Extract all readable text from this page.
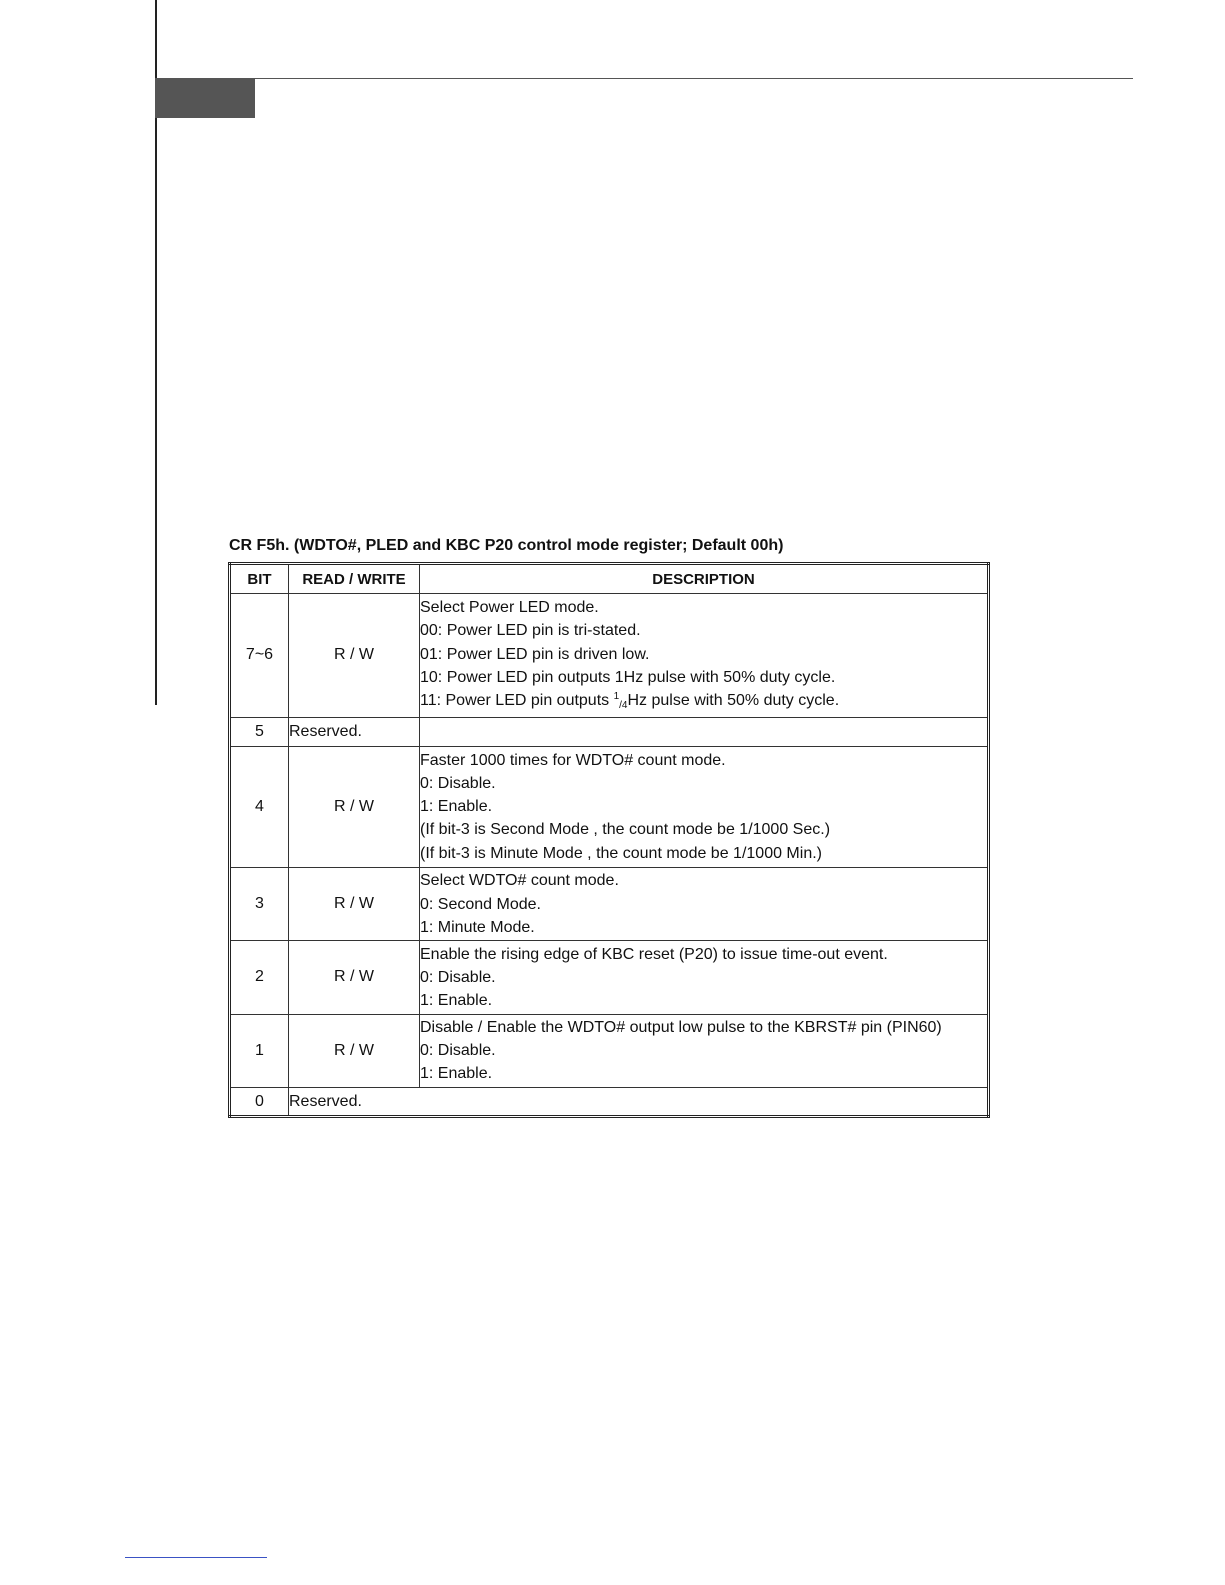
CR F5h. (WDTO#, PLED and KBC P20 control mode register; Default 00h)
BIT	READ / WRITE	DESCRIPTION
7~6	R / W	Select Power LED mode.
00: Power LED pin is tri-stated.
01: Power LED pin is driven low.
10: Power LED pin outputs 1Hz pulse with 50% duty cycle.
11: Power LED pin outputs $^1$/4Hz pulse with 50% duty cycle.

5	Reserved.	
4	R / W	Faster 1000 times for WDTO# count mode.
0: Disable.
1: Enable.
(If bit-3 is Second Mode , the count mode be 1/1000 Sec.)
(If bit-3 is Minute Mode , the count mode be 1/1000 Min.)

3	R / W	Select WDTO# count mode.
0: Second Mode.
1: Minute Mode.

2	R / W	Enable the rising edge of KBC reset (P20) to issue time-out event.
0: Disable.
1: Enable.

1	R / W	Disable / Enable the WDTO# output low pulse to the KBRST# pin (PIN60)
0: Disable.
1: Enable.

0	Reserved.	
